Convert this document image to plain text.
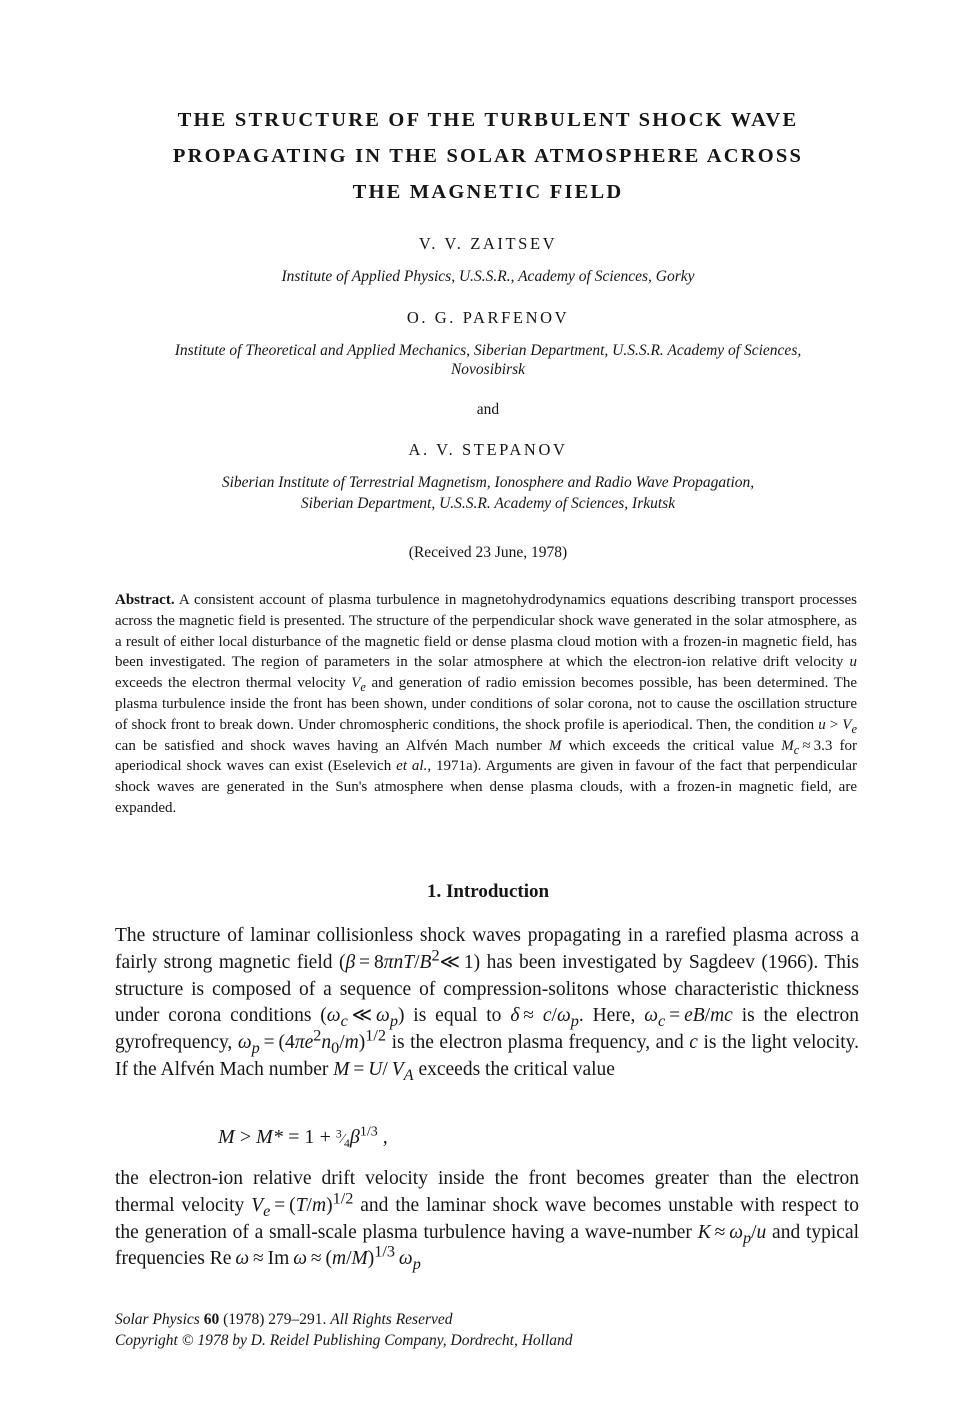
THE STRUCTURE OF THE TURBULENT SHOCK WAVE
PROPAGATING IN THE SOLAR ATMOSPHERE ACROSS
THE MAGNETIC FIELD
V. V. ZAITSEV
Institute of Applied Physics, U.S.S.R., Academy of Sciences, Gorky
O. G. PARFENOV
Institute of Theoretical and Applied Mechanics, Siberian Department, U.S.S.R. Academy of Sciences,
Novosibirsk
and
A. V. STEPANOV
Siberian Institute of Terrestrial Magnetism, Ionosphere and Radio Wave Propagation,
Siberian Department, U.S.S.R. Academy of Sciences, Irkutsk
(Received 23 June, 1978)
Abstract. A consistent account of plasma turbulence in magnetohydrodynamics equations describing transport processes across the magnetic field is presented. The structure of the perpendicular shock wave generated in the solar atmosphere, as a result of either local disturbance of the magnetic field or dense plasma cloud motion with a frozen-in magnetic field, has been investigated. The region of parameters in the solar atmosphere at which the electron-ion relative drift velocity u exceeds the electron thermal velocity $V_e$ and generation of radio emission becomes possible, has been determined. The plasma turbulence inside the front has been shown, under conditions of solar corona, not to cause the oscillation structure of shock front to break down. Under chromospheric conditions, the shock profile is aperiodical. Then, the condition $u > V_e$ can be satisfied and shock waves having an Alfvén Mach number M which exceeds the critical value $M_c \approx 3.3$ for aperiodical shock waves can exist (Eselevich et al., 1971a). Arguments are given in favour of the fact that perpendicular shock waves are generated in the Sun's atmosphere when dense plasma clouds, with a frozen-in magnetic field, are expanded.
1. Introduction
The structure of laminar collisionless shock waves propagating in a rarefied plasma across a fairly strong magnetic field ($\beta = 8\pi nT/B^2≪$ 1) has been investigated by Sagdeev (1966). This structure is composed of a sequence of compression-solitons whose characteristic thickness under corona conditions ($\omega_c$ ≪ $\omega_p$) is equal to $\delta \approx c/\omega_p$. Here, $\omega_c = eB/mc$ is the electron gyrofrequency, $\omega_p = (4\pi e^2n_0/m)^{1/2}$ is the electron plasma frequency, and c is the light velocity. If the Alfvén Mach number M = U/ $V_A$ exceeds the critical value
$M > M* = 1 + ^3⁄_4\beta^{1/3}$ ,
the electron-ion relative drift velocity inside the front becomes greater than the electron thermal velocity $V_e = (T/m)^{1/2}$ and the laminar shock wave becomes unstable with respect to the generation of a small-scale plasma turbulence having a wave-number $K \approx \omega_p/u$ and typical frequencies Re ω ≈ Im $\omega \approx (m/M)^{1/3}$  $\omega_p$
Solar Physics 60 (1978) 279–291. All Rights Reserved
Copyright © 1978 by D. Reidel Publishing Company, Dordrecht, Holland
